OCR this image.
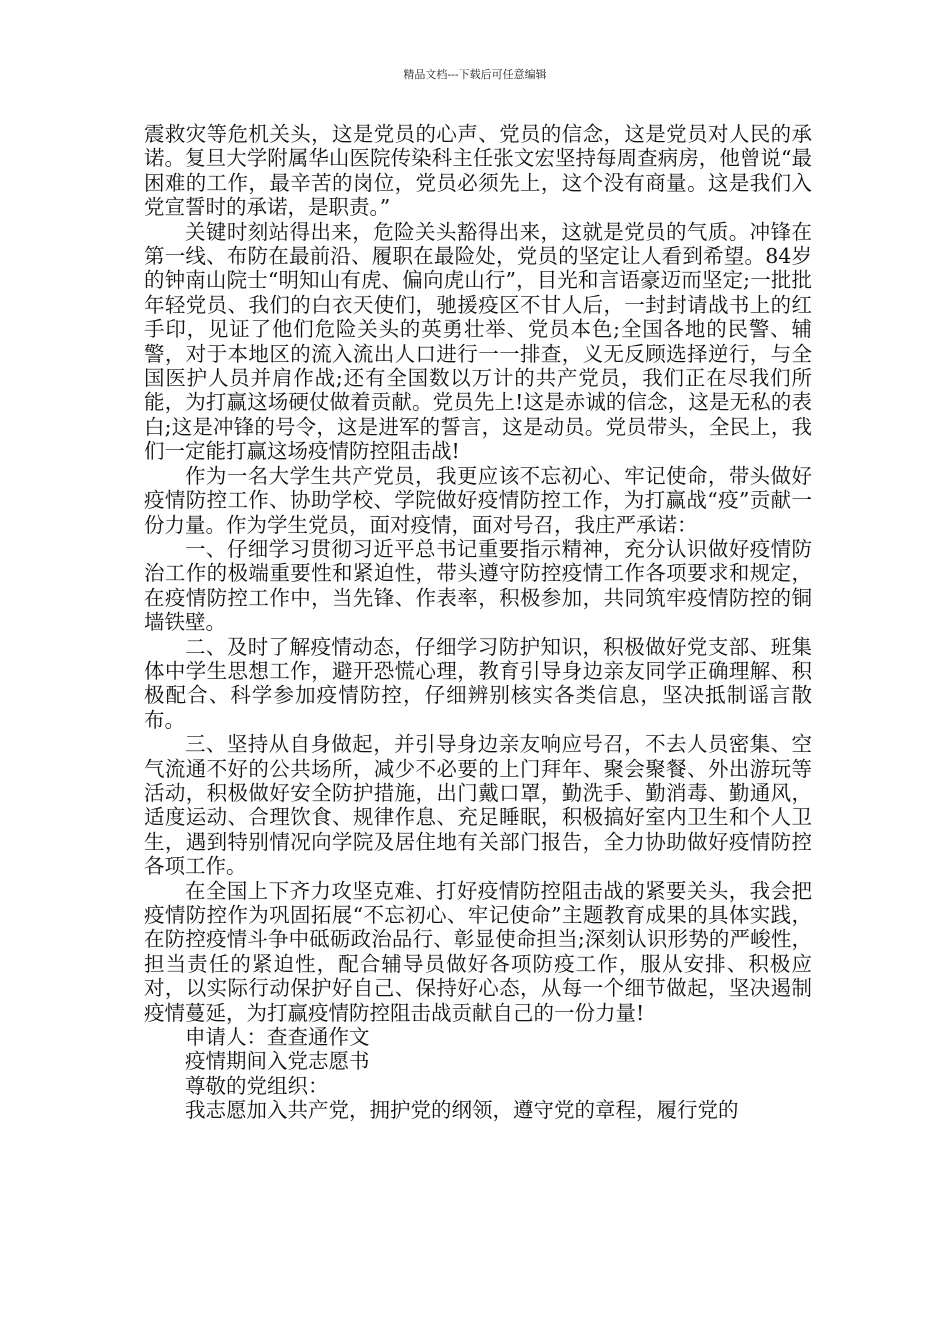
精品文档---下载后可任意编辑

震救灾等危机关头，这是党员的心声、党员的信念，这是党员对人民的承诺。复旦大学附属华山医院传染科主任张文宏坚持每周查病房，他曾说“最困难的工作，最辛苦的岗位，党员必须先上，这个没有商量。这是我们入党宣誓时的承诺，是职责。”

关键时刻站得出来，危险关头豁得出来，这就是党员的气质。冲锋在第一线、布防在最前沿、履职在最险处，党员的坚定让人看到希望。84岁的钟南山院士“明知山有虎、偏向虎山行”，目光和言语豪迈而坚定;一批批年轻党员、我们的白衣天使们，驰援疫区不甘人后，一封封请战书上的红手印，见证了他们危险关头的英勇壮举、党员本色;全国各地的民警、辅警，对于本地区的流入流出人口进行一一排查，义无反顾选择逆行，与全国医护人员并肩作战;还有全国数以万计的共产党员，我们正在尽我们所能，为打赢这场硬仗做着贡献。党员先上!这是赤诚的信念，这是无私的表白;这是冲锋的号令，这是进军的誓言，这是动员。党员带头，全民上，我们一定能打赢这场疫情防控阻击战!

作为一名大学生共产党员，我更应该不忘初心、牢记使命，带头做好疫情防控工作、协助学校、学院做好疫情防控工作，为打赢战“疫”贡献一份力量。作为学生党员，面对疫情，面对号召，我庄严承诺：

一、仔细学习贯彻习近平总书记重要指示精神，充分认识做好疫情防治工作的极端重要性和紧迫性，带头遵守防控疫情工作各项要求和规定，在疫情防控工作中，当先锋、作表率，积极参加，共同筑牢疫情防控的铜墙铁壁。

二、及时了解疫情动态，仔细学习防护知识，积极做好党支部、班集体中学生思想工作，避开恐慌心理，教育引导身边亲友同学正确理解、积极配合、科学参加疫情防控，仔细辨别核实各类信息，坚决抵制谣言散布。

三、坚持从自身做起，并引导身边亲友响应号召，不去人员密集、空气流通不好的公共场所，减少不必要的上门拜年、聚会聚餐、外出游玩等活动，积极做好安全防护措施，出门戴口罩，勤洗手、勤消毒、勤通风，适度运动、合理饮食、规律作息、充足睡眠，积极搞好室内卫生和个人卫生，遇到特别情况向学院及居住地有关部门报告，全力协助做好疫情防控各项工作。

在全国上下齐力攻坚克难、打好疫情防控阻击战的紧要关头，我会把疫情防控作为巩固拓展“不忘初心、牢记使命”主题教育成果的具体实践，在防控疫情斗争中砥砺政治品行、彰显使命担当;深刻认识形势的严峻性，担当责任的紧迫性，配合辅导员做好各项防疫工作，服从安排、积极应对，以实际行动保护好自己、保持好心态，从每一个细节做起，坚决遏制疫情蔓延，为打赢疫情防控阻击战贡献自己的一份力量!

申请人：查查通作文

疫情期间入党志愿书

尊敬的党组织：

我志愿加入共产党，拥护党的纲领，遵守党的章程，履行党的
